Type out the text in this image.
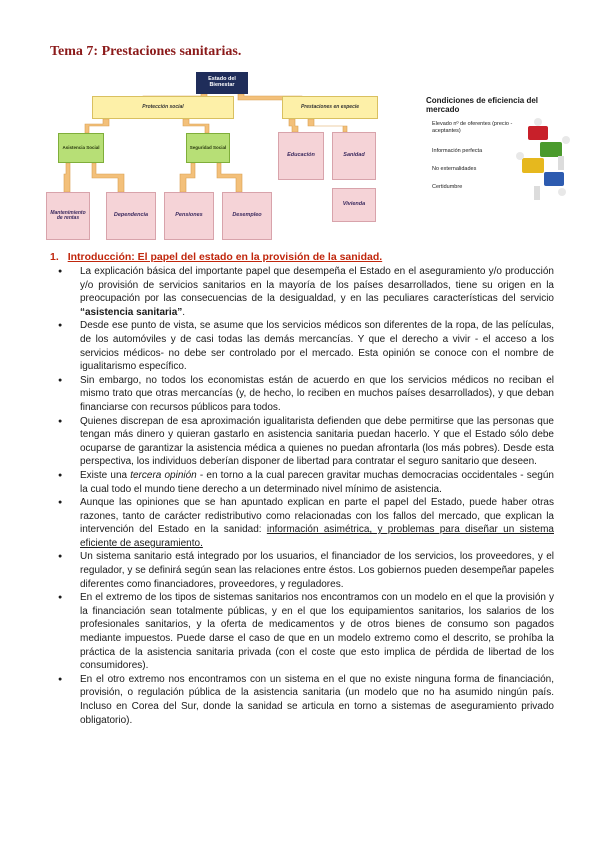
Tema 7: Prestaciones sanitarias.
Estado del Bienestar
Protección social	Prestaciones en especie
Asistencia Social	Seguridad Social
Educación	Sanidad
Vivienda
Mantenimiento de rentas	Dependencia	Pensiones	Desempleo
Condiciones de eficiencia del mercado
Elevado nº de oferentes (precio - aceptantes)
Información perfecta
No externalidades
Certidumbre
1. Introducción: El papel del estado en la provisión de la sanidad.
● La explicación básica del importante papel que desempeña el Estado en el aseguramiento y/o producción y/o provisión de servicios sanitarios en la mayoría de los países desarrollados, tiene su origen en la preocupación por las consecuencias de la desigualdad, y en las peculiares características del servicio “asistencia sanitaria”.
● Desde ese punto de vista, se asume que los servicios médicos son diferentes de la ropa, de las películas, de los automóviles y de casi todas las demás mercancías. Y que el derecho a vivir - el acceso a los servicios médicos- no debe ser controlado por el mercado. Esta opinión se conoce con el nombre de igualitarismo específico.
● Sin embargo, no todos los economistas están de acuerdo en que los servicios médicos no reciban el mismo trato que otras mercancías (y, de hecho, lo reciben en muchos países desarrollados), y que deban financiarse con recursos públicos para todos.
● Quienes discrepan de esa aproximación igualitarista defienden que debe permitirse que las personas que tengan más dinero y quieran gastarlo en asistencia sanitaria puedan hacerlo. Y que el Estado sólo debe ocuparse de garantizar la asistencia médica a quienes no puedan afrontarla (los más pobres). Desde esta perspectiva, los individuos deberían disponer de libertad para contratar el seguro sanitario que deseen.
● Existe una tercera opinión - en torno a la cual parecen gravitar muchas democracias occidentales - según la cual todo el mundo tiene derecho a un determinado nivel mínimo de asistencia.
● Aunque las opiniones que se han apuntado explican en parte el papel del Estado, puede haber otras razones, tanto de carácter redistributivo como relacionadas con los fallos del mercado, que explican la intervención del Estado en la sanidad: información asimétrica, y problemas para diseñar un sistema eficiente de aseguramiento.
● Un sistema sanitario está integrado por los usuarios, el financiador de los servicios, los proveedores, y el regulador, y se definirá según sean las relaciones entre éstos. Los gobiernos pueden desempeñar papeles diferentes como financiadores, proveedores, y reguladores.
● En el extremo de los tipos de sistemas sanitarios nos encontramos con un modelo en el que la provisión y la financiación sean totalmente públicas, y en el que los equipamientos sanitarios, los salarios de los profesionales sanitarios, y la oferta de medicamentos y de otros bienes de consumo son pagados mediante impuestos. Puede darse el caso de que en un modelo extremo como el descrito, se prohíba la práctica de la asistencia sanitaria privada (con el coste que esto implica de pérdida de libertad de los consumidores).
● En el otro extremo nos encontramos con un sistema en el que no existe ninguna forma de financiación, provisión, o regulación pública de la asistencia sanitaria (un modelo que no ha asumido ningún país. Incluso en Corea del Sur, donde la sanidad se articula en torno a sistemas de aseguramiento privado obligatorio).
